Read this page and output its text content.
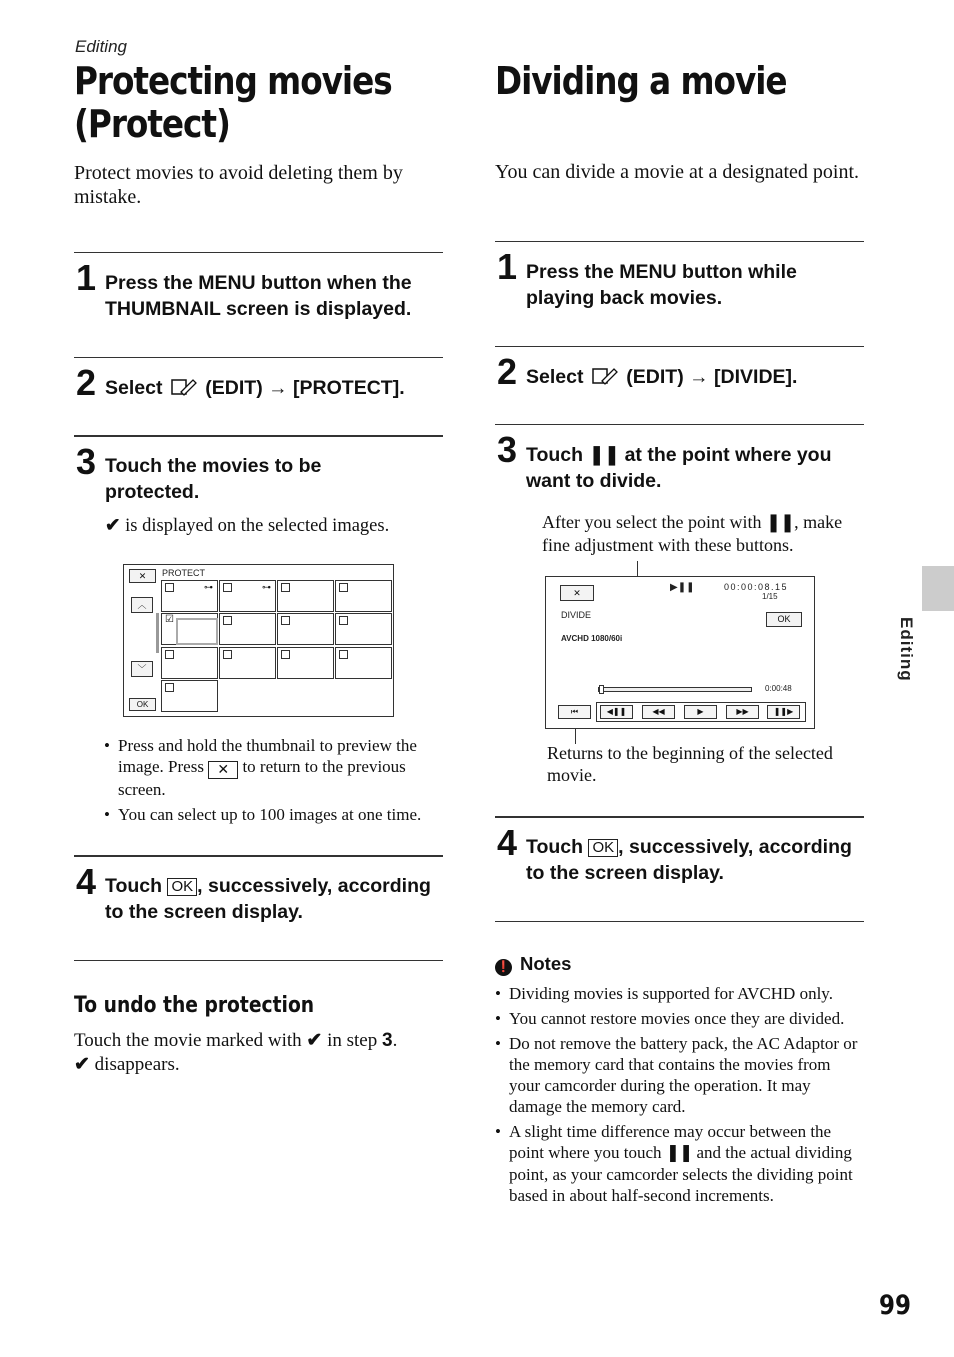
Editing
Protecting movies
(Protect)
Protect movies to avoid deleting them by mistake.
1 Press the MENU button when the THUMBNAIL screen is displayed.
2 Select (EDIT) → [PROTECT].
3 Touch the movies to be protected.
✔ is displayed on the selected images.
PROTECT
✕
︿
﹀
OK
⊶	⊶
☑
• Press and hold the thumbnail to preview the image. Press ✕ to return to the previous screen.
• You can select up to 100 images at one time.
4 Touch OK , successively, according to the screen display.
To undo the protection
Touch the movie marked with ✔ in step 3.
✔ disappears.
Dividing a movie
You can divide a movie at a designated point.
1 Press the MENU button while playing back movies.
2 Select (EDIT) → [DIVIDE].
3 Touch ❚❚ at the point where you want to divide.
After you select the point with ❚❚, make fine adjustment with these buttons.
✕	▶❚❚	00:00:08.15
1/15
DIVIDE	OK
AVCHD 1080/60i
0:00:48
⏮	◀❚❚	◀◀	▶	▶▶	❚❚▶
Returns to the beginning of the selected movie.
4 Touch OK , successively, according to the screen display.
❗ Notes
• Dividing movies is supported for AVCHD only.
• You cannot restore movies once they are divided.
• Do not remove the battery pack, the AC Adaptor or the memory card that contains the movies from your camcorder during the operation. It may damage the memory card.
• A slight time difference may occur between the point where you touch ❚❚ and the actual dividing point, as your camcorder selects the dividing point based in about half-second increments.
Editing
99
